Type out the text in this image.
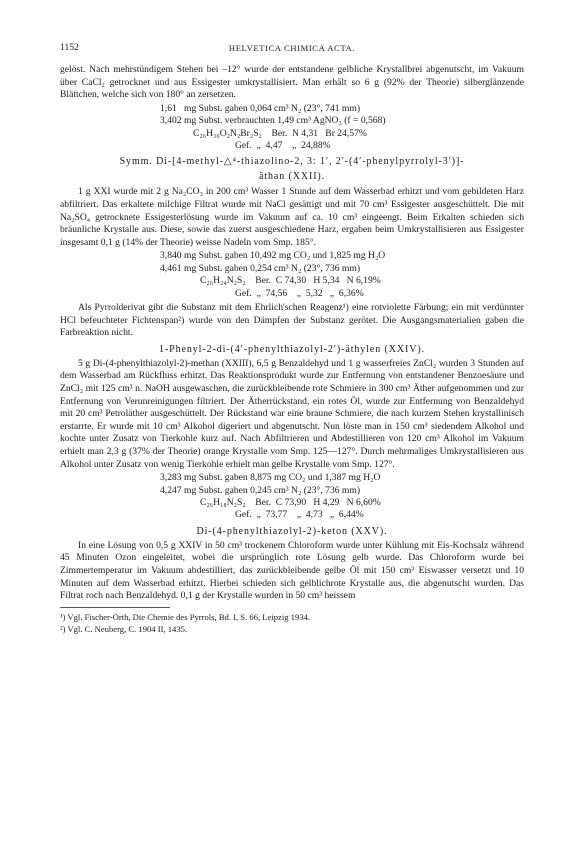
1152	HELVETICA CHIMICA ACTA.

gelöst. Nach mehrstündigem Stehen bei –12° wurde der entstandene gelbliche Krystallbrei abgenutscht, im Vakuum über CaCl₂ getrocknet und aus Essigester umkrystallisiert. Man erhält so 6 g (92% der Theorie) silberglänzende Blättchen, welche sich von 180° an zersetzen.

1,61   mg Subst. gaben 0,064 cm³ N₂ (23°, 741 mm)
3,402 mg Subst. verbrauchten 1,49 cm³ AgNO₃ (f = 0,568)
C₂₆H₃₀O₂N₂Br₂S₂    Ber.  N 4,31   Br 24,57%
Gef.  „  4,47    „  24,88%
Symm. Di-[4-methyl-△⁴-thiazolino-2, 3: 1′, 2′-(4′-phenylpyrrolyl-3′)]-
äthan (XXII).

1 g XXI wurde mit 2 g Na₂CO₃ in 200 cm³ Wasser 1 Stunde auf dem Wasserbad erhitzt und vom gebildeten Harz abfiltriert. Das erkaltete milchige Filtrat wurde mit NaCl gesättigt und mit 70 cm³ Essigester ausgeschüttelt. Die mit Na₂SO₄ getrocknete Essigesterlösung wurde im Vakuum auf ca. 10 cm³ eingeengt. Beim Erkalten schieden sich bräunliche Krystalle aus. Diese, sowie das zuerst ausgeschiedene Harz, ergaben beim Umkrystallisieren aus Essigester insgesamt 0,1 g (14% der Theorie) weisse Nadeln vom Smp. 185°.

3,840 mg Subst. gaben 10,492 mg CO₂ und 1,825 mg H₂O
4,461 mg Subst. gaben 0,254 cm³ N₂ (23°, 736 mm)
C₂₆H₂₄N₂S₂    Ber.  C 74,30   H 5,34   N 6,19%
Gef.  „  74,56    „  5,32   „  6,36%

Als Pyrrolderivat gibt die Substanz mit dem Ehrlich'schen Reagenz¹) eine rotviolette Färbung; ein mit verdünnter HCl befeuchteter Fichtenspan²) wurde von den Dämpfen der Substanz gerötet. Die Ausgangsmaterialien gaben die Farbreaktion nicht.

1-Phenyl-2-di-(4′-phenylthiazolyl-2′)-äthylen (XXIV).

5 g Di-(4-phenylthiazolyl-2)-methan (XXIII), 6,5 g Benzaldehyd und 1 g wasserfreies ZnCl₂ wurden 3 Stunden auf dem Wasserbad am Rückfluss erhitzt. Das Reaktionsprodukt wurde zur Entfernung von entstandener Benzoesäure und ZnCl₂ mit 125 cm³ n. NaOH ausgewaschen, die zurückbleibende rote Schmiere in 300 cm³ Äther aufgenommen und zur Entfernung von Verunreinigungen filtriert. Der Ätherrückstand, ein rotes Öl, wurde zur Entfernung von Benzaldehyd mit 20 cm³ Petroläther ausgeschüttelt. Der Rückstand war eine braune Schmiere, die nach kurzem Stehen krystallinisch erstarrte. Er wurde mit 10 cm³ Alkohol digeriert und abgenutscht. Nun löste man in 150 cm³ siedendem Alkohol und kochte unter Zusatz von Tierkohle kurz auf. Nach Abfiltrieren und Abdestillieren von 120 cm³ Alkohol im Vakuum erhielt man 2,3 g (37% der Theorie) orange Krystalle vom Smp. 125—127°. Durch mehrmaliges Umkrystallisieren aus Alkohol unter Zusatz von wenig Tierkohle erhielt man gelbe Krystalle vom Smp. 127°.

3,283 mg Subst. gaben 8,875 mg CO₂ und 1,387 mg H₂O
4,247 mg Subst. gaben 0,245 cm³ N₂ (23°, 736 mm)
C₂₆H₁₈N₂S₂    Ber.  C 73,90   H 4,29   N 6,60%
Gef.  „  73,77    „  4,73   „  6,44%
Di-(4-phenylthiazolyl-2)-keton (XXV).

In eine Lösung von 0,5 g XXIV in 50 cm³ trockenem Chloroform wurde unter Kühlung mit Eis-Kochsalz während 45 Minuten Ozon eingeleitet, wobei die ursprünglich rote Lösung gelb wurde. Das Chloroform wurde bei Zimmertemperatur im Vakuum abdestilliert, das zurückbleibende gelbe Öl mit 150 cm³ Eiswasser versetzt und 10 Minuten auf dem Wasserbad erhitzt. Hierbei schieden sich gelblichrote Krystalle aus, die abgenutscht wurden. Das Filtrat roch nach Benzaldehyd. 0,1 g der Krystalle wurden in 50 cm³ heissem

¹) Vgl. Fischer-Orth, Die Chemie des Pyrrols, Bd. I, S. 66, Leipzig 1934.
²) Vgl. C. Neuberg, C. 1904 II, 1435.
